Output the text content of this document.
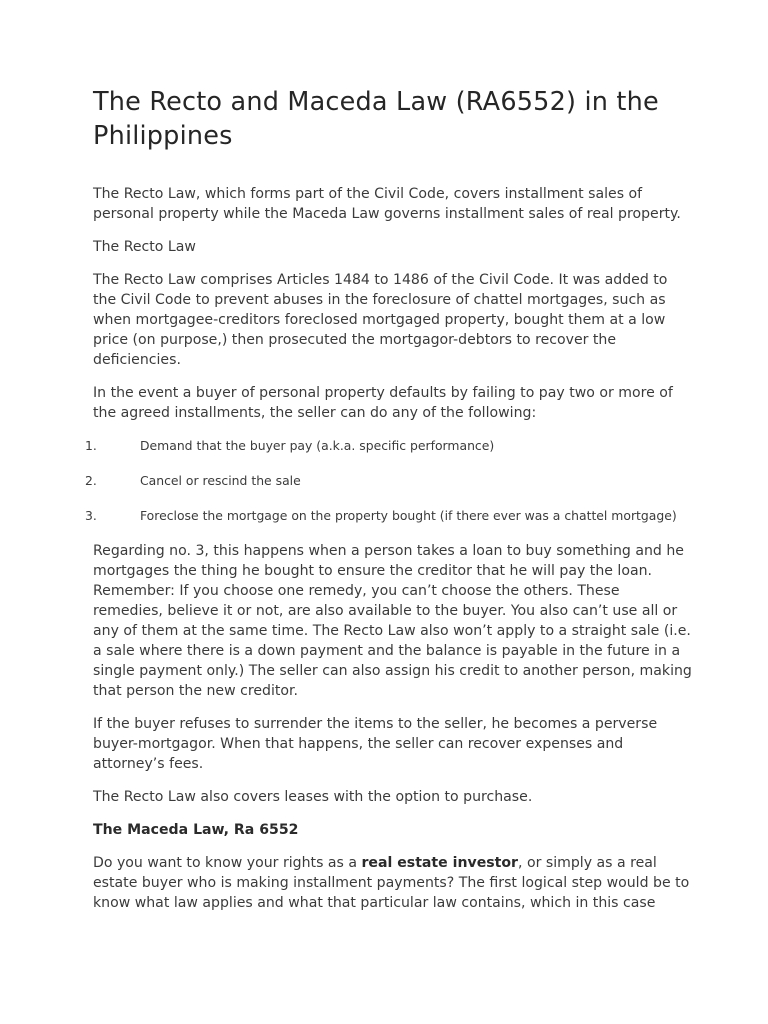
The Recto and Maceda Law (RA6552) in the Philippines

The Recto Law, which forms part of the Civil Code, covers installment sales of personal property while the Maceda Law governs installment sales of real property.

The Recto Law

The Recto Law comprises Articles 1484 to 1486 of the Civil Code. It was added to the Civil Code to prevent abuses in the foreclosure of chattel mortgages, such as when mortgagee-creditors foreclosed mortgaged property, bought them at a low price (on purpose,) then prosecuted the mortgagor-debtors to recover the deficiencies.

In the event a buyer of personal property defaults by failing to pay two or more of the agreed installments, the seller can do any of the following:

1.	Demand that the buyer pay (a.k.a. specific performance)
2.	Cancel or rescind the sale
3.	Foreclose the mortgage on the property bought (if there ever was a chattel mortgage)

Regarding no. 3, this happens when a person takes a loan to buy something and he mortgages the thing he bought to ensure the creditor that he will pay the loan. Remember: If you choose one remedy, you can’t choose the others. These remedies, believe it or not, are also available to the buyer. You also can’t use all or any of them at the same time. The Recto Law also won’t apply to a straight sale (i.e. a sale where there is a down payment and the balance is payable in the future in a single payment only.) The seller can also assign his credit to another person, making that person the new creditor.

If the buyer refuses to surrender the items to the seller, he becomes a perverse buyer-mortgagor. When that happens, the seller can recover expenses and attorney’s fees.

The Recto Law also covers leases with the option to purchase.

The Maceda Law, Ra 6552

Do you want to know your rights as a real estate investor, or simply as a real estate buyer who is making installment payments? The first logical step would be to know what law applies and what that particular law contains, which in this case
